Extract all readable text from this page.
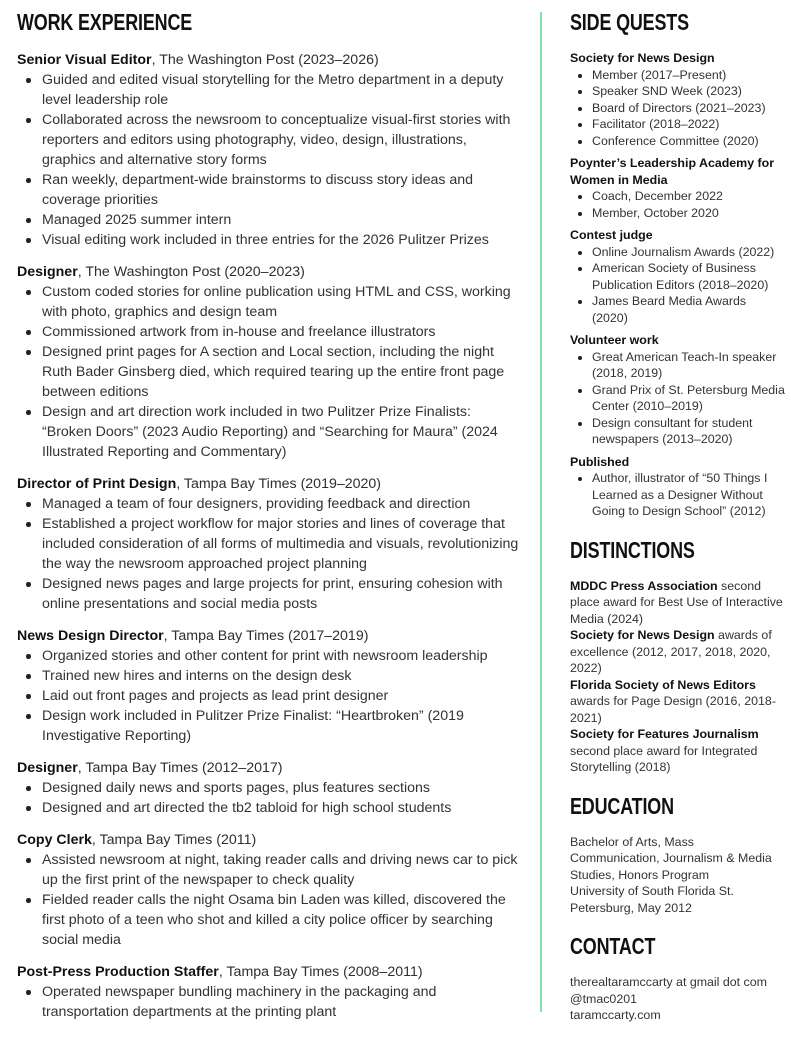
WORK EXPERIENCE
Senior Visual Editor, The Washington Post (2023–2026)
Guided and edited visual storytelling for the Metro department in a deputy level leadership role
Collaborated across the newsroom to conceptualize visual-first stories with reporters and editors using photography, video, design, illustrations, graphics and alternative story forms
Ran weekly, department-wide brainstorms to discuss story ideas and coverage priorities
Managed 2025 summer intern
Visual editing work included in three entries for the 2026 Pulitzer Prizes
Designer, The Washington Post (2020–2023)
Custom coded stories for online publication using HTML and CSS, working with photo, graphics and design team
Commissioned artwork from in-house and freelance illustrators
Designed print pages for A section and Local section, including the night Ruth Bader Ginsberg died, which required tearing up the entire front page between editions
Design and art direction work included in two Pulitzer Prize Finalists: “Broken Doors” (2023 Audio Reporting) and “Searching for Maura” (2024 Illustrated Reporting and Commentary)
Director of Print Design, Tampa Bay Times (2019–2020)
Managed a team of four designers, providing feedback and direction
Established a project workflow for major stories and lines of coverage that included consideration of all forms of multimedia and visuals, revolutionizing the way the newsroom approached project planning
Designed news pages and large projects for print, ensuring cohesion with online presentations and social media posts
News Design Director, Tampa Bay Times (2017–2019)
Organized stories and other content for print with newsroom leadership
Trained new hires and interns on the design desk
Laid out front pages and projects as lead print designer
Design work included in Pulitzer Prize Finalist: “Heartbroken” (2019 Investigative Reporting)
Designer, Tampa Bay Times (2012–2017)
Designed daily news and sports pages, plus features sections
Designed and art directed the tb2 tabloid for high school students
Copy Clerk, Tampa Bay Times (2011)
Assisted newsroom at night, taking reader calls and driving news car to pick up the first print of the newspaper to check quality
Fielded reader calls the night Osama bin Laden was killed, discovered the first photo of a teen who shot and killed a city police officer by searching social media
Post-Press Production Staffer, Tampa Bay Times (2008–2011)
Operated newspaper bundling machinery in the packaging and transportation departments at the printing plant
SIDE QUESTS
Society for News Design
Member (2017–Present)
Speaker SND Week (2023)
Board of Directors (2021–2023)
Facilitator (2018–2022)
Conference Committee (2020)
Poynter’s Leadership Academy for Women in Media
Coach, December 2022
Member, October 2020
Contest judge
Online Journalism Awards (2022)
American Society of Business Publication Editors (2018–2020)
James Beard Media Awards (2020)
Volunteer work
Great American Teach-In speaker (2018, 2019)
Grand Prix of St. Petersburg Media Center (2010–2019)
Design consultant for student newspapers (2013–2020)
Published
Author, illustrator of “50 Things I Learned as a Designer Without Going to Design School” (2012)
DISTINCTIONS
MDDC Press Association second place award for Best Use of Interactive Media (2024)
Society for News Design awards of excellence (2012, 2017, 2018, 2020, 2022)
Florida Society of News Editors awards for Page Design (2016, 2018-2021)
Society for Features Journalism second place award for Integrated Storytelling (2018)
EDUCATION
Bachelor of Arts, Mass Communication, Journalism & Media Studies, Honors Program
University of South Florida St. Petersburg, May 2012
CONTACT
therealtaramccarty at gmail dot com
@tmac0201
taramccarty.com
